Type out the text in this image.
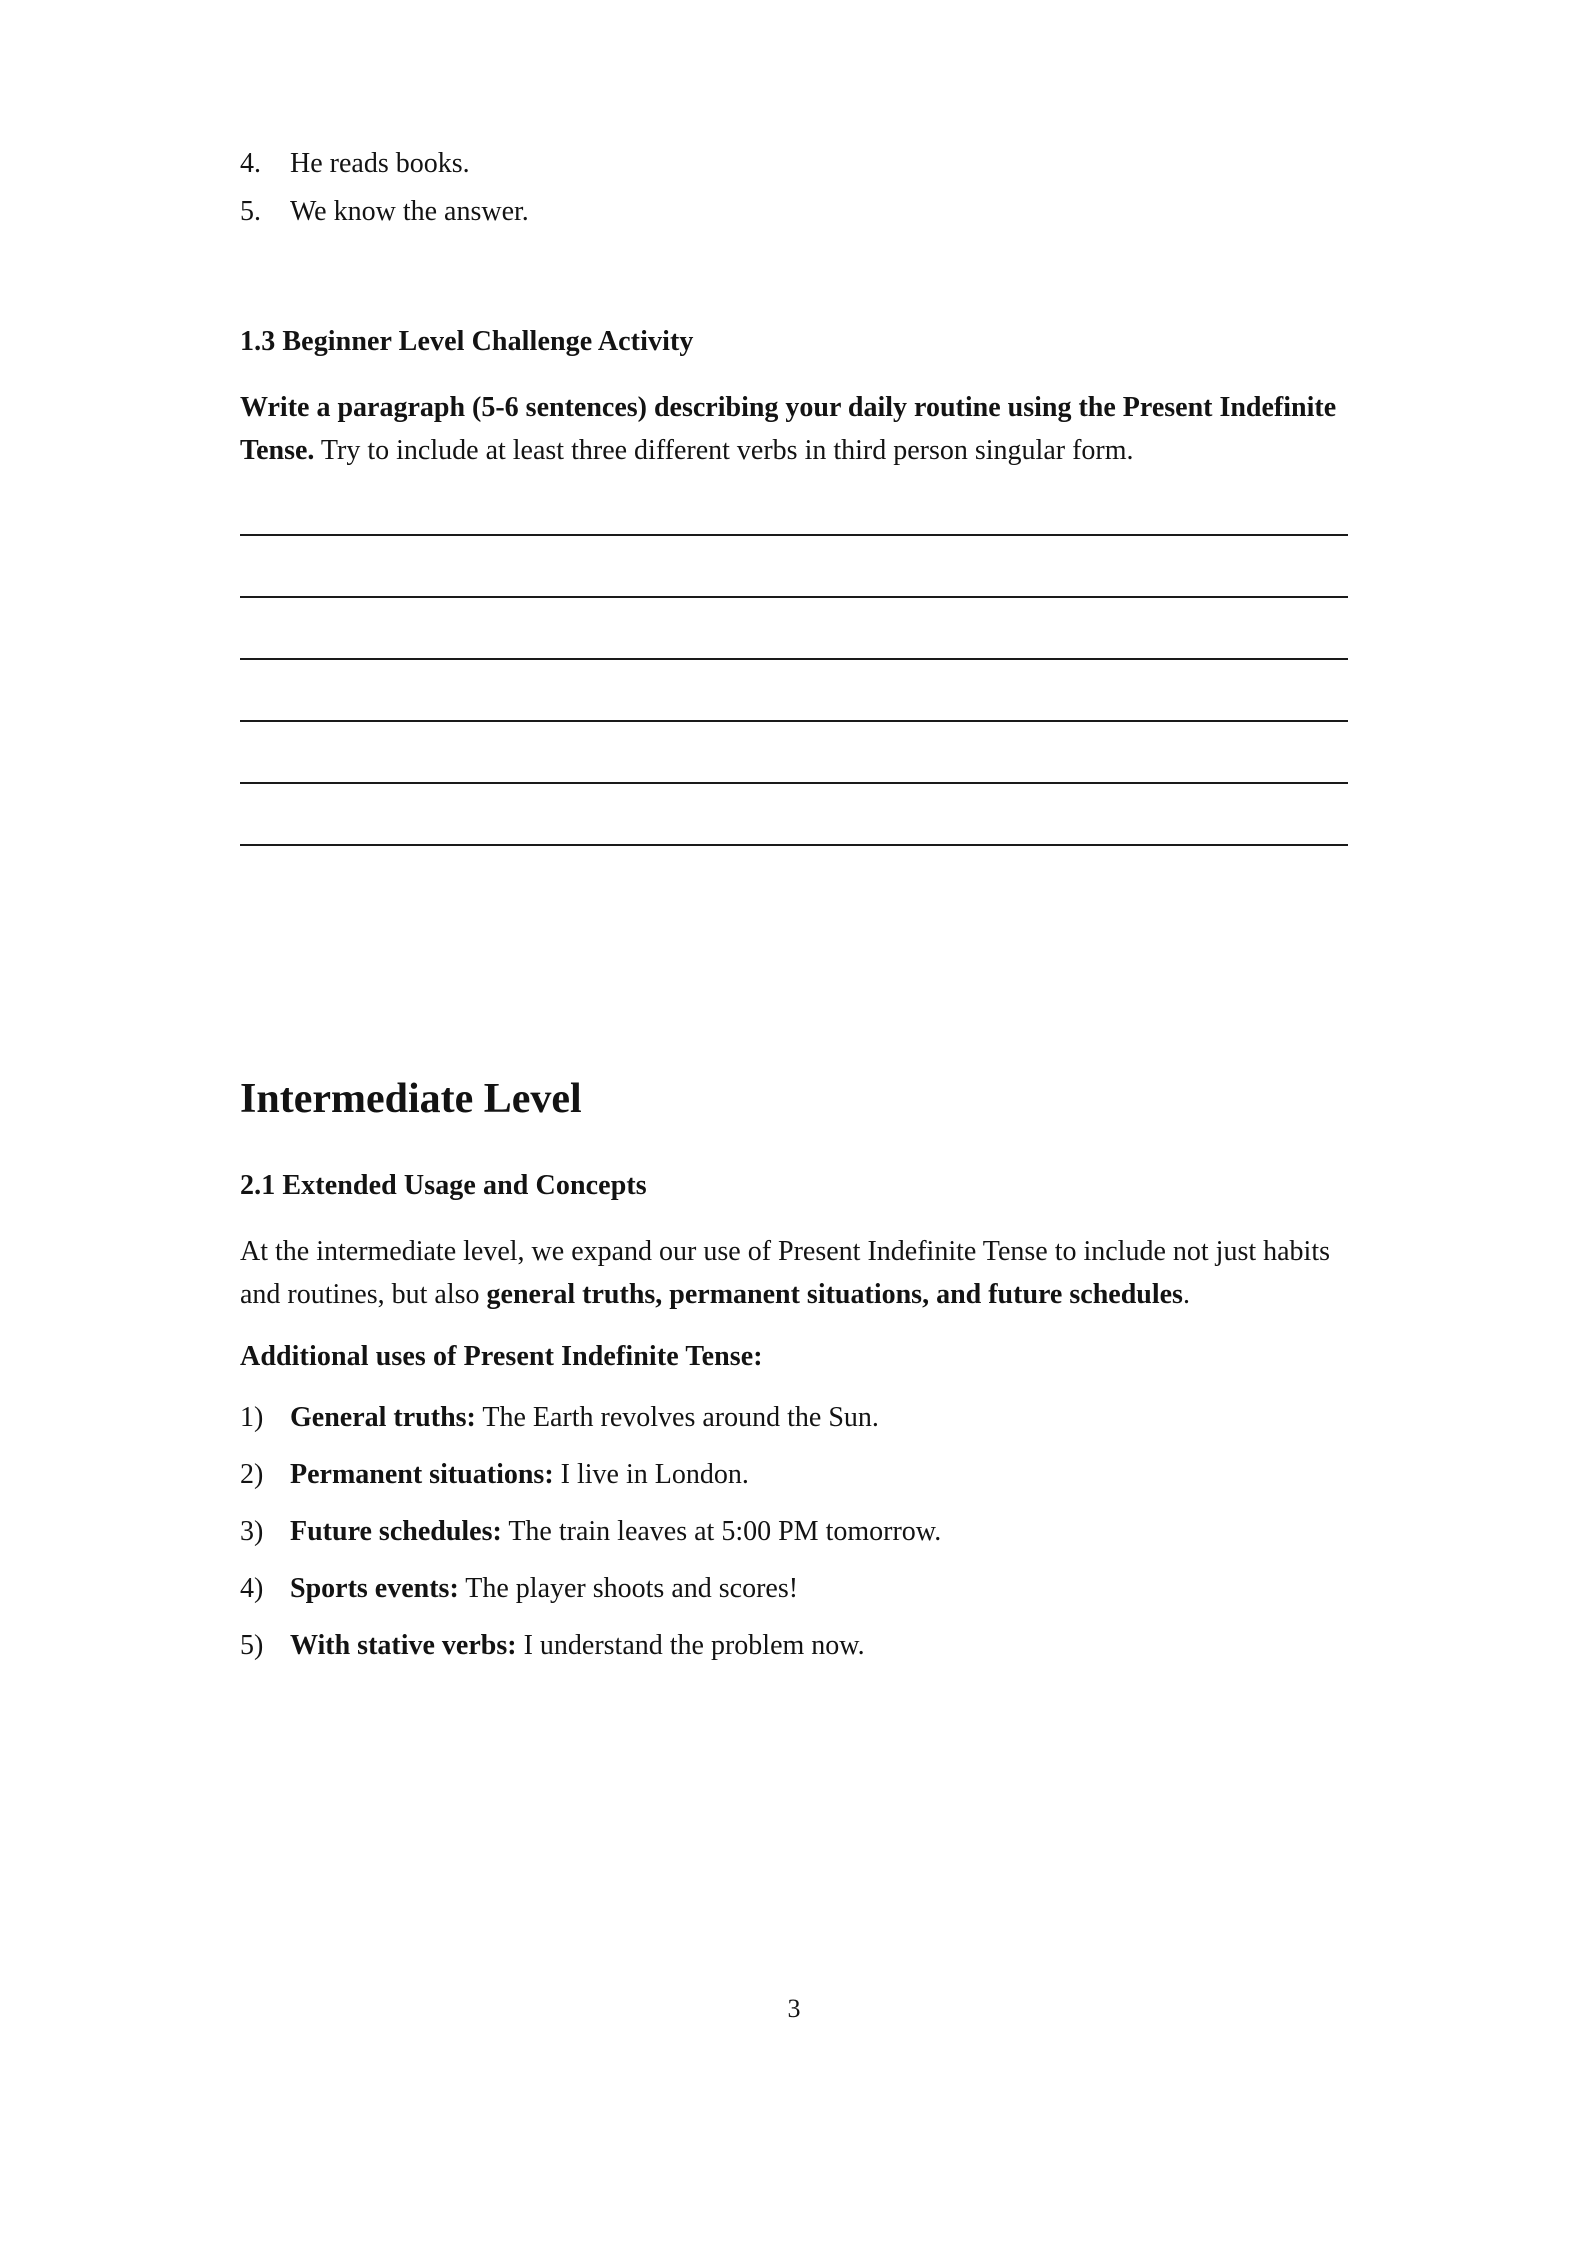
4.	He reads books.
5.	We know the answer.
1.3 Beginner Level Challenge Activity

Write a paragraph (5-6 sentences) describing your daily routine using the Present Indefinite Tense. Try to include at least three different verbs in third person singular form.

Intermediate Level
2.1 Extended Usage and Concepts

At the intermediate level, we expand our use of Present Indefinite Tense to include not just habits and routines, but also general truths, permanent situations, and future schedules.

Additional uses of Present Indefinite Tense:
1) General truths: The Earth revolves around the Sun.
2) Permanent situations: I live in London.
3) Future schedules: The train leaves at 5:00 PM tomorrow.
4) Sports events: The player shoots and scores!
5) With stative verbs: I understand the problem now.
3
